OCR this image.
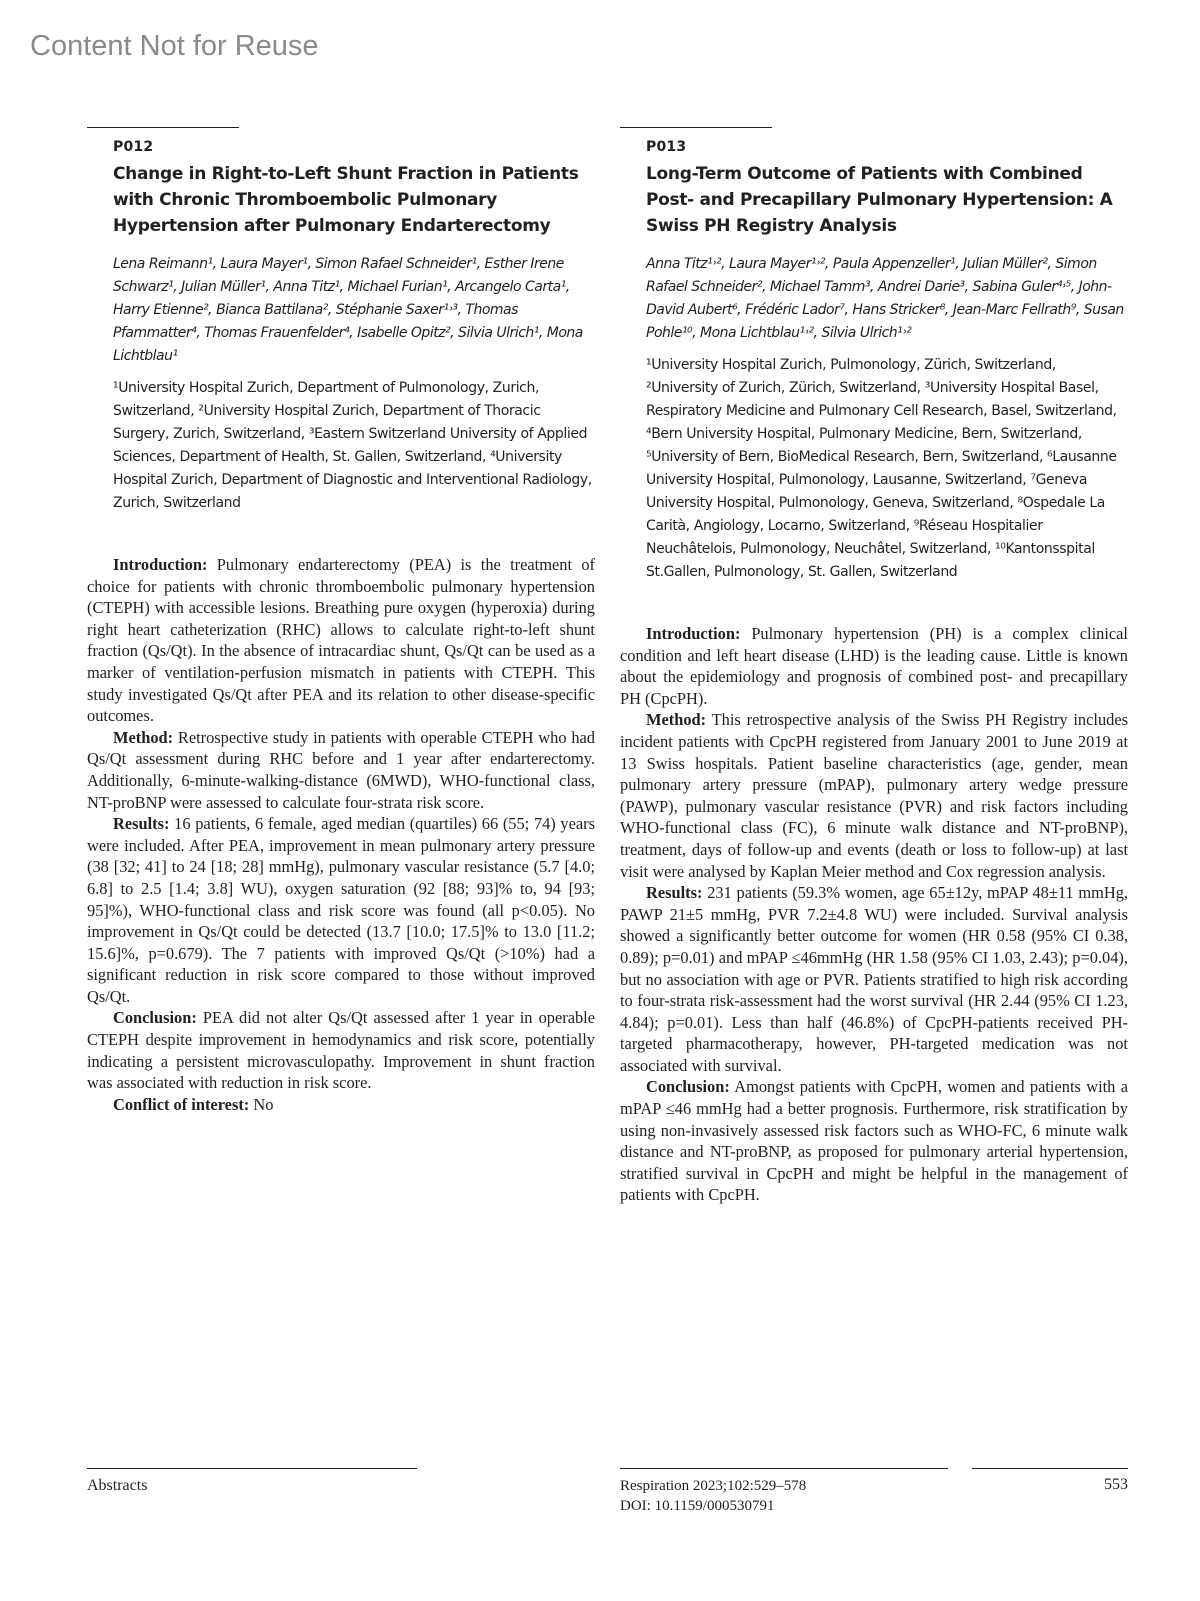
Content Not for Reuse
P012
Change in Right-to-Left Shunt Fraction in Patients with Chronic Thromboembolic Pulmonary Hypertension after Pulmonary Endarterectomy
Lena Reimann¹, Laura Mayer¹, Simon Rafael Schneider¹, Esther Irene Schwarz¹, Julian Müller¹, Anna Titz¹, Michael Furian¹, Arcangelo Carta¹, Harry Etienne², Bianca Battilana², Stéphanie Saxer¹˒³, Thomas Pfammatter⁴, Thomas Frauenfelder⁴, Isabelle Opitz², Silvia Ulrich¹, Mona Lichtblau¹
¹University Hospital Zurich, Department of Pulmonology, Zurich, Switzerland, ²University Hospital Zurich, Department of Thoracic Surgery, Zurich, Switzerland, ³Eastern Switzerland University of Applied Sciences, Department of Health, St. Gallen, Switzerland, ⁴University Hospital Zurich, Department of Diagnostic and Interventional Radiology, Zurich, Switzerland

Introduction: Pulmonary endarterectomy (PEA) is the treatment of choice for patients with chronic thromboembolic pulmonary hypertension (CTEPH) with accessible lesions. Breathing pure oxygen (hyperoxia) during right heart catheterization (RHC) allows to calculate right-to-left shunt fraction (Qs/Qt). In the absence of intracardiac shunt, Qs/Qt can be used as a marker of ventilation-perfusion mismatch in patients with CTEPH. This study investigated Qs/Qt after PEA and its relation to other disease-specific outcomes.

Method: Retrospective study in patients with operable CTEPH who had Qs/Qt assessment during RHC before and 1 year after endarterectomy. Additionally, 6-minute-walking-distance (6MWD), WHO-functional class, NT-proBNP were assessed to calculate four-strata risk score.

Results: 16 patients, 6 female, aged median (quartiles) 66 (55; 74) years were included. After PEA, improvement in mean pulmonary artery pressure (38 [32; 41] to 24 [18; 28] mmHg), pulmonary vascular resistance (5.7 [4.0; 6.8] to 2.5 [1.4; 3.8] WU), oxygen saturation (92 [88; 93]% to, 94 [93; 95]%), WHO-functional class and risk score was found (all p<0.05). No improvement in Qs/Qt could be detected (13.7 [10.0; 17.5]% to 13.0 [11.2; 15.6]%, p=0.679). The 7 patients with improved Qs/Qt (>10%) had a significant reduction in risk score compared to those without improved Qs/Qt.

Conclusion: PEA did not alter Qs/Qt assessed after 1 year in operable CTEPH despite improvement in hemodynamics and risk score, potentially indicating a persistent microvasculopathy. Improvement in shunt fraction was associated with reduction in risk score.

Conflict of interest: No

P013
Long-Term Outcome of Patients with Combined Post- and Precapillary Pulmonary Hypertension: A Swiss PH Registry Analysis
Anna Titz¹˒², Laura Mayer¹˒², Paula Appenzeller¹, Julian Müller², Simon Rafael Schneider², Michael Tamm³, Andrei Darie³, Sabina Guler⁴˒⁵, John-David Aubert⁶, Frédéric Lador⁷, Hans Stricker⁸, Jean-Marc Fellrath⁹, Susan Pohle¹⁰, Mona Lichtblau¹˒², Silvia Ulrich¹˒²
¹University Hospital Zurich, Pulmonology, Zürich, Switzerland, ²University of Zurich, Zürich, Switzerland, ³University Hospital Basel, Respiratory Medicine and Pulmonary Cell Research, Basel, Switzerland, ⁴Bern University Hospital, Pulmonary Medicine, Bern, Switzerland, ⁵University of Bern, BioMedical Research, Bern, Switzerland, ⁶Lausanne University Hospital, Pulmonology, Lausanne, Switzerland, ⁷Geneva University Hospital, Pulmonology, Geneva, Switzerland, ⁸Ospedale La Carità, Angiology, Locarno, Switzerland, ⁹Réseau Hospitalier Neuchâtelois, Pulmonology, Neuchâtel, Switzerland, ¹⁰Kantonsspital St.Gallen, Pulmonology, St. Gallen, Switzerland

Introduction: Pulmonary hypertension (PH) is a complex clinical condition and left heart disease (LHD) is the leading cause. Little is known about the epidemiology and prognosis of combined post- and precapillary PH (CpcPH).

Method: This retrospective analysis of the Swiss PH Registry includes incident patients with CpcPH registered from January 2001 to June 2019 at 13 Swiss hospitals. Patient baseline characteristics (age, gender, mean pulmonary artery pressure (mPAP), pulmonary artery wedge pressure (PAWP), pulmonary vascular resistance (PVR) and risk factors including WHO-functional class (FC), 6 minute walk distance and NT-proBNP), treatment, days of follow-up and events (death or loss to follow-up) at last visit were analysed by Kaplan Meier method and Cox regression analysis.

Results: 231 patients (59.3% women, age 65±12y, mPAP 48±11 mmHg, PAWP 21±5 mmHg, PVR 7.2±4.8 WU) were included. Survival analysis showed a significantly better outcome for women (HR 0.58 (95% CI 0.38, 0.89); p=0.01) and mPAP ≤46mmHg (HR 1.58 (95% CI 1.03, 2.43); p=0.04), but no association with age or PVR. Patients stratified to high risk according to four-strata risk-assessment had the worst survival (HR 2.44 (95% CI 1.23, 4.84); p=0.01). Less than half (46.8%) of CpcPH-patients received PH-targeted pharmacotherapy, however, PH-targeted medication was not associated with survival.

Conclusion: Amongst patients with CpcPH, women and patients with a mPAP ≤46 mmHg had a better prognosis. Furthermore, risk stratification by using non-invasively assessed risk factors such as WHO-FC, 6 minute walk distance and NT-proBNP, as proposed for pulmonary arterial hypertension, stratified survival in CpcPH and might be helpful in the management of patients with CpcPH.

Abstracts	Respiration 2023;102:529–578
DOI: 10.1159/000530791
553
